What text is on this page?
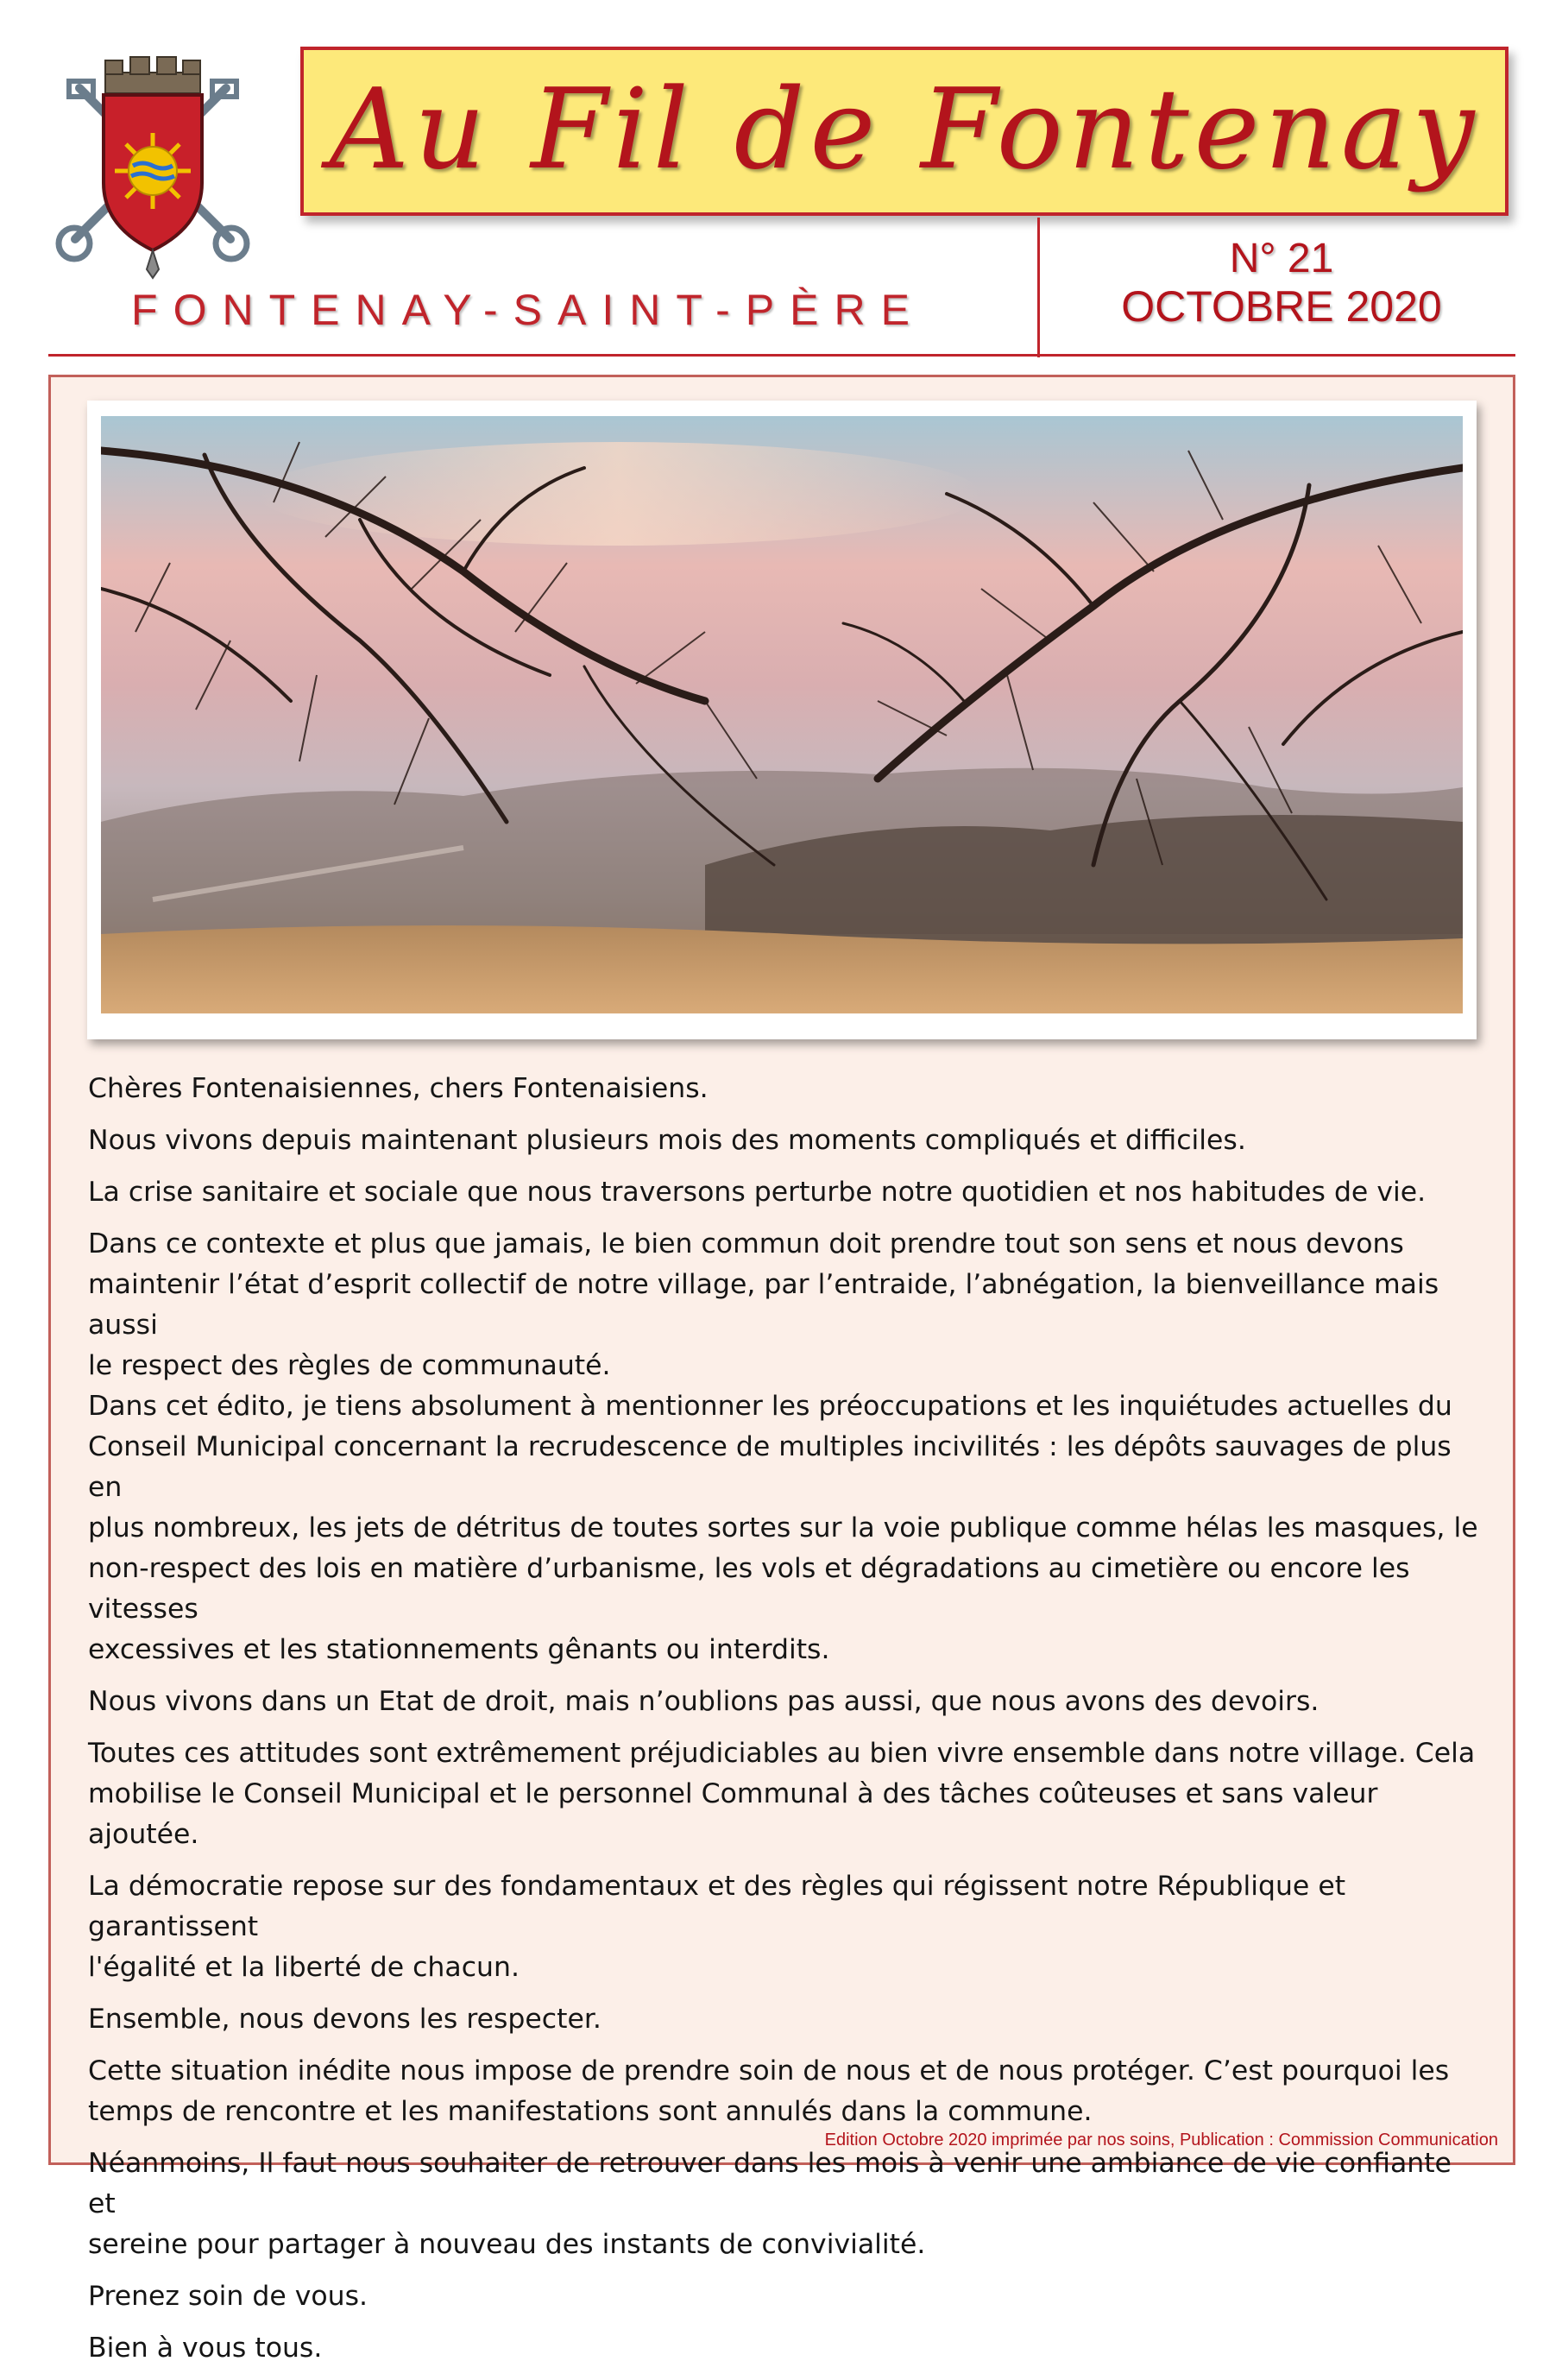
Au Fil de Fontenay
FONTENAY-SAINT-PÈRE
N° 21
OCTOBRE 2020

Chères Fontenaisiennes, chers Fontenaisiens.

Nous vivons depuis maintenant plusieurs mois des moments compliqués et difficiles.

La crise sanitaire et sociale que nous traversons perturbe notre quotidien et nos habitudes de vie.

Dans ce contexte et plus que jamais, le bien commun doit prendre tout son sens et nous devons
maintenir l’état d’esprit collectif de notre village, par l’entraide, l’abnégation, la bienveillance mais aussi
le respect des règles de communauté.
Dans cet édito, je tiens absolument à mentionner les préoccupations et les inquiétudes actuelles du
Conseil Municipal concernant la recrudescence de multiples incivilités : les dépôts sauvages de plus en
plus nombreux, les jets de détritus de toutes sortes sur la voie publique comme hélas les masques, le
non-respect des lois en matière d’urbanisme, les vols et dégradations au cimetière ou encore les vitesses
excessives et les stationnements gênants ou interdits.

Nous vivons dans un Etat de droit, mais n’oublions pas aussi, que nous avons des devoirs.

Toutes ces attitudes sont extrêmement préjudiciables au bien vivre ensemble dans notre village. Cela
mobilise le Conseil Municipal et le personnel Communal à des tâches coûteuses et sans valeur ajoutée.

La démocratie repose sur des fondamentaux et des règles qui régissent notre République et garantissent
l'égalité et la liberté de chacun.

Ensemble, nous devons les respecter.

Cette situation inédite nous impose de prendre soin de nous et de nous protéger. C’est pourquoi les
temps de rencontre et les manifestations sont annulés dans la commune.

Néanmoins, Il faut nous souhaiter de retrouver dans les mois à venir une ambiance de vie confiante et
sereine pour partager à nouveau des instants de convivialité.

Prenez soin de vous.

Bien à vous tous.

Edition Octobre 2020 imprimée par nos soins, Publication : Commission Communication
